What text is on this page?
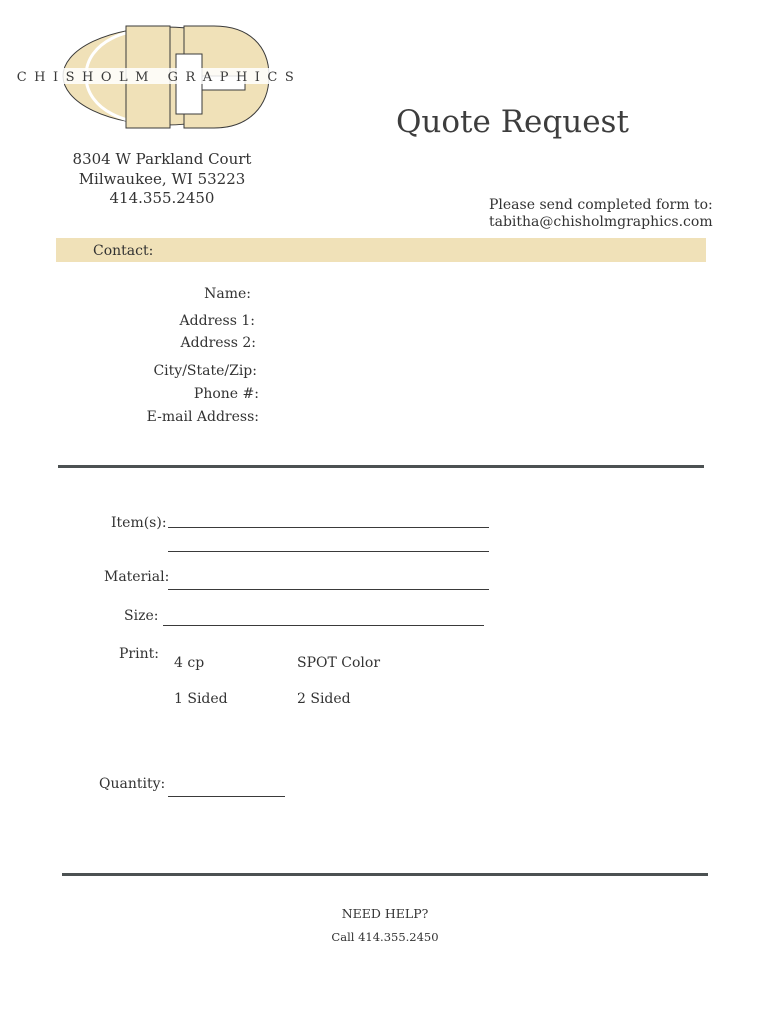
CHISHOLM GRAPHICS
Quote Request
8304 W Parkland Court
Milwaukee, WI 53223
414.355.2450	Please send completed form to:
tabitha@chisholmgraphics.com
Contact:
Name:
Address 1:
Address 2:
City/State/Zip:
Phone #:
E-mail Address:
Item(s):
Material:
Size:
Print:
4 cp	SPOT Color
1 Sided	2 Sided
Quantity:
NEED HELP?
Call 414.355.2450
